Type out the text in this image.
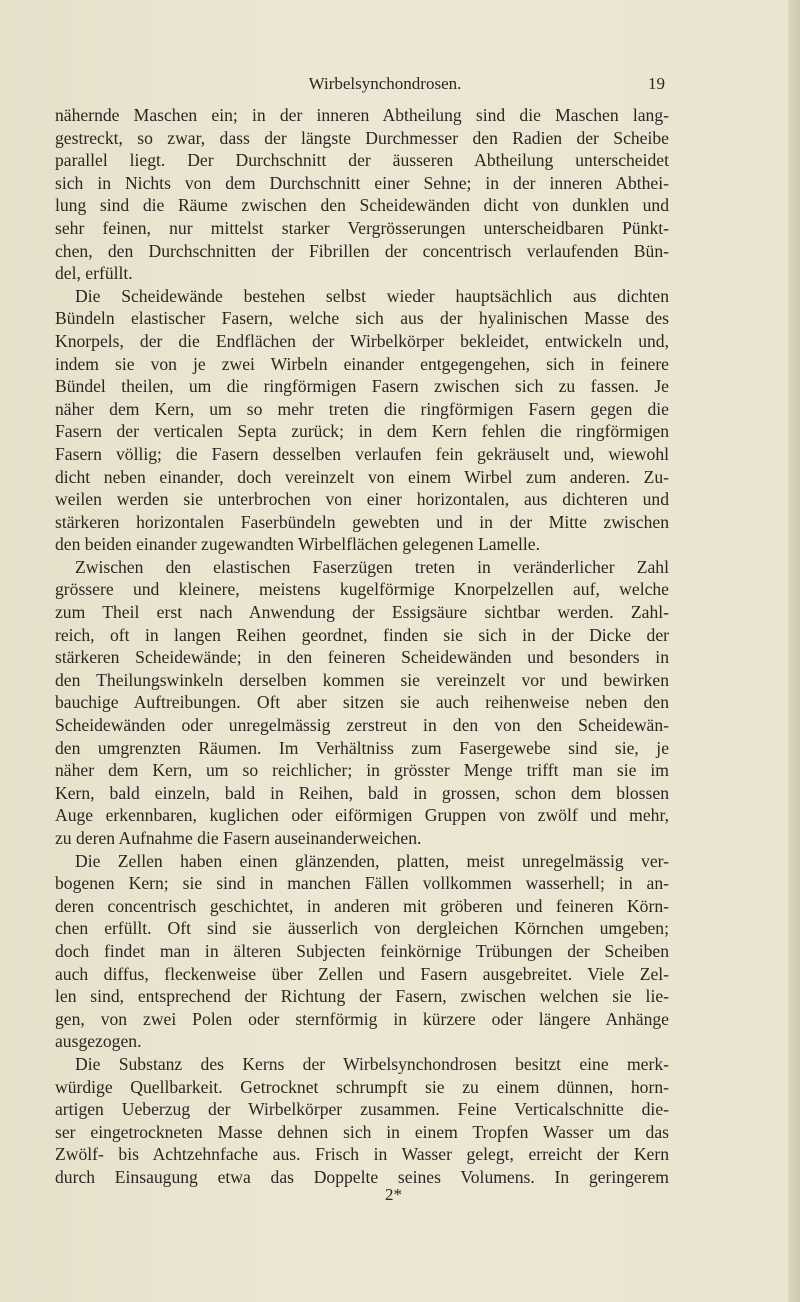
Wirbelsynchondrosen.	19
nähernde Maschen ein; in der inneren Abtheilung sind die Maschen lang-
gestreckt, so zwar, dass der längste Durchmesser den Radien der Scheibe
parallel liegt. Der Durchschnitt der äusseren Abtheilung unterscheidet
sich in Nichts von dem Durchschnitt einer Sehne; in der inneren Abthei-
lung sind die Räume zwischen den Scheidewänden dicht von dunklen und
sehr feinen, nur mittelst starker Vergrösserungen unterscheidbaren Pünkt-
chen, den Durchschnitten der Fibrillen der concentrisch verlaufenden Bün-
del, erfüllt.
Die Scheidewände bestehen selbst wieder hauptsächlich aus dichten
Bündeln elastischer Fasern, welche sich aus der hyalinischen Masse des
Knorpels, der die Endflächen der Wirbelkörper bekleidet, entwickeln und,
indem sie von je zwei Wirbeln einander entgegengehen, sich in feinere
Bündel theilen, um die ringförmigen Fasern zwischen sich zu fassen. Je
näher dem Kern, um so mehr treten die ringförmigen Fasern gegen die
Fasern der verticalen Septa zurück; in dem Kern fehlen die ringförmigen
Fasern völlig; die Fasern desselben verlaufen fein gekräuselt und, wiewohl
dicht neben einander, doch vereinzelt von einem Wirbel zum anderen. Zu-
weilen werden sie unterbrochen von einer horizontalen, aus dichteren und
stärkeren horizontalen Faserbündeln gewebten und in der Mitte zwischen
den beiden einander zugewandten Wirbelflächen gelegenen Lamelle.
Zwischen den elastischen Faserzügen treten in veränderlicher Zahl
grössere und kleinere, meistens kugelförmige Knorpelzellen auf, welche
zum Theil erst nach Anwendung der Essigsäure sichtbar werden. Zahl-
reich, oft in langen Reihen geordnet, finden sie sich in der Dicke der
stärkeren Scheidewände; in den feineren Scheidewänden und besonders in
den Theilungswinkeln derselben kommen sie vereinzelt vor und bewirken
bauchige Auftreibungen. Oft aber sitzen sie auch reihenweise neben den
Scheidewänden oder unregelmässig zerstreut in den von den Scheidewän-
den umgrenzten Räumen. Im Verhältniss zum Fasergewebe sind sie, je
näher dem Kern, um so reichlicher; in grösster Menge trifft man sie im
Kern, bald einzeln, bald in Reihen, bald in grossen, schon dem blossen
Auge erkennbaren, kuglichen oder eiförmigen Gruppen von zwölf und mehr,
zu deren Aufnahme die Fasern auseinanderweichen.
Die Zellen haben einen glänzenden, platten, meist unregelmässig ver-
bogenen Kern; sie sind in manchen Fällen vollkommen wasserhell; in an-
deren concentrisch geschichtet, in anderen mit gröberen und feineren Körn-
chen erfüllt. Oft sind sie äusserlich von dergleichen Körnchen umgeben;
doch findet man in älteren Subjecten feinkörnige Trübungen der Scheiben
auch diffus, fleckenweise über Zellen und Fasern ausgebreitet. Viele Zel-
len sind, entsprechend der Richtung der Fasern, zwischen welchen sie lie-
gen, von zwei Polen oder sternförmig in kürzere oder längere Anhänge
ausgezogen.
Die Substanz des Kerns der Wirbelsynchondrosen besitzt eine merk-
würdige Quellbarkeit. Getrocknet schrumpft sie zu einem dünnen, horn-
artigen Ueberzug der Wirbelkörper zusammen. Feine Verticalschnitte die-
ser eingetrockneten Masse dehnen sich in einem Tropfen Wasser um das
Zwölf- bis Achtzehnfache aus. Frisch in Wasser gelegt, erreicht der Kern
durch Einsaugung etwa das Doppelte seines Volumens. In geringerem
2*
